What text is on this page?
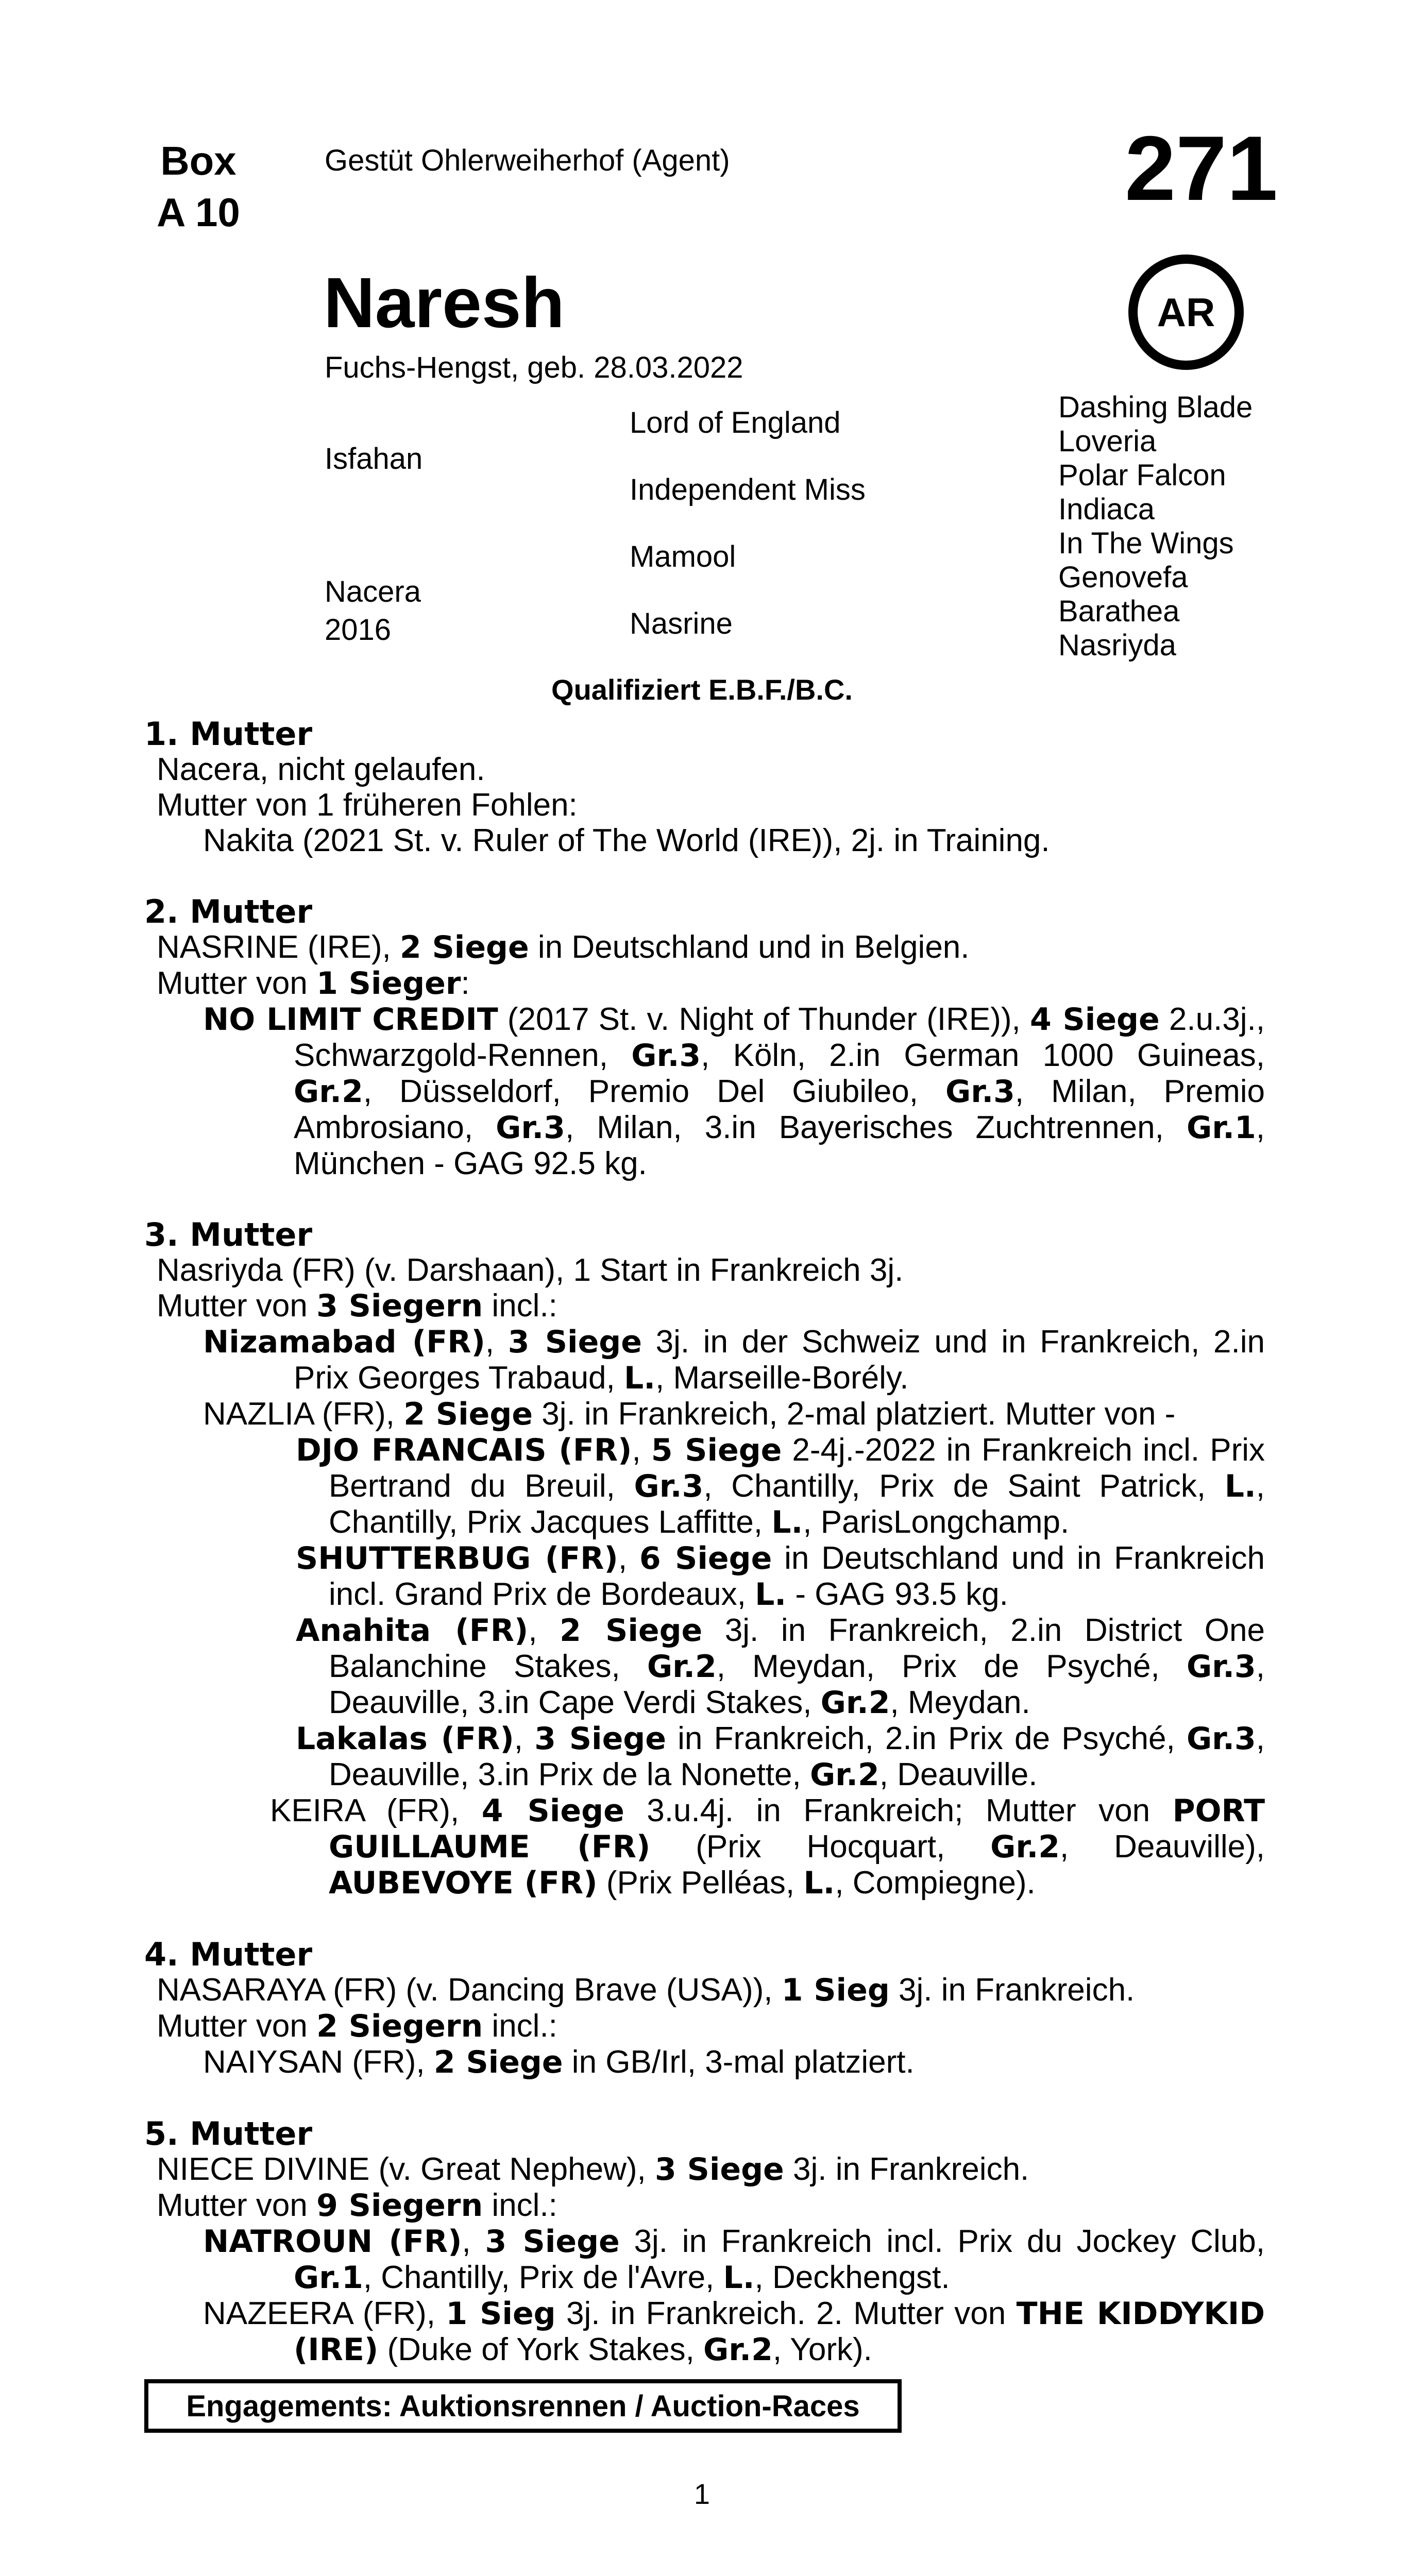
Box
A 10
Gestüt Ohlerweiherhof (Agent)	271
AR
Naresh
Fuchs-Hengst, geb. 28.03.2022
Isfahan
Nacera
2016
Lord of England
Independent Miss
Mamool
Nasrine
Dashing Blade
Loveria
Polar Falcon
Indiaca
In The Wings
Genovefa
Barathea
Nasriyda
Qualifiziert E.B.F./B.C.
1. Mutter
Nacera, nicht gelaufen.
Mutter von 1 früheren Fohlen:
Nakita (2021 St. v. Ruler of The World (IRE)), 2j. in Training.
2. Mutter
NASRINE (IRE), 2 Siege in Deutschland und in Belgien.
Mutter von 1 Sieger:
NO LIMIT CREDIT (2017 St. v. Night of Thunder (IRE)), 4 Siege 2.u.3j., Schwarzgold-Rennen, Gr.3, Köln, 2.in German 1000 Guineas, Gr.2, Düsseldorf, Premio Del Giubileo, Gr.3, Milan, Premio Ambrosiano, Gr.3, Milan, 3.in Bayerisches Zuchtrennen, Gr.1, München - GAG 92.5 kg.
3. Mutter
Nasriyda (FR) (v. Darshaan), 1 Start in Frankreich 3j.
Mutter von 3 Siegern incl.:
Nizamabad (FR), 3 Siege 3j. in der Schweiz und in Frankreich, 2.in Prix Georges Trabaud, L., Marseille-Borély.
NAZLIA (FR), 2 Siege 3j. in Frankreich, 2-mal platziert. Mutter von -
DJO FRANCAIS (FR), 5 Siege 2-4j.-2022 in Frankreich incl. Prix Bertrand du Breuil, Gr.3, Chantilly, Prix de Saint Patrick, L., Chantilly, Prix Jacques Laffitte, L., ParisLongchamp.
SHUTTERBUG (FR), 6 Siege in Deutschland und in Frankreich incl. Grand Prix de Bordeaux, L. - GAG 93.5 kg.
Anahita (FR), 2 Siege 3j. in Frankreich, 2.in District One Balanchine Stakes, Gr.2, Meydan, Prix de Psyché, Gr.3, Deauville, 3.in Cape Verdi Stakes, Gr.2, Meydan.
Lakalas (FR), 3 Siege in Frankreich, 2.in Prix de Psyché, Gr.3, Deauville, 3.in Prix de la Nonette, Gr.2, Deauville.
KEIRA (FR), 4 Siege 3.u.4j. in Frankreich; Mutter von PORT GUILLAUME (FR) (Prix Hocquart, Gr.2, Deauville), AUBEVOYE (FR) (Prix Pelléas, L., Compiegne).
4. Mutter
NASARAYA (FR) (v. Dancing Brave (USA)), 1 Sieg 3j. in Frankreich.
Mutter von 2 Siegern incl.:
NAIYSAN (FR), 2 Siege in GB/Irl, 3-mal platziert.
5. Mutter
NIECE DIVINE (v. Great Nephew), 3 Siege 3j. in Frankreich.
Mutter von 9 Siegern incl.:
NATROUN (FR), 3 Siege 3j. in Frankreich incl. Prix du Jockey Club, Gr.1, Chantilly, Prix de l'Avre, L., Deckhengst.
NAZEERA (FR), 1 Sieg 3j. in Frankreich. 2. Mutter von THE KIDDYKID (IRE) (Duke of York Stakes, Gr.2, York).
Engagements: Auktionsrennen / Auction-Races
1
